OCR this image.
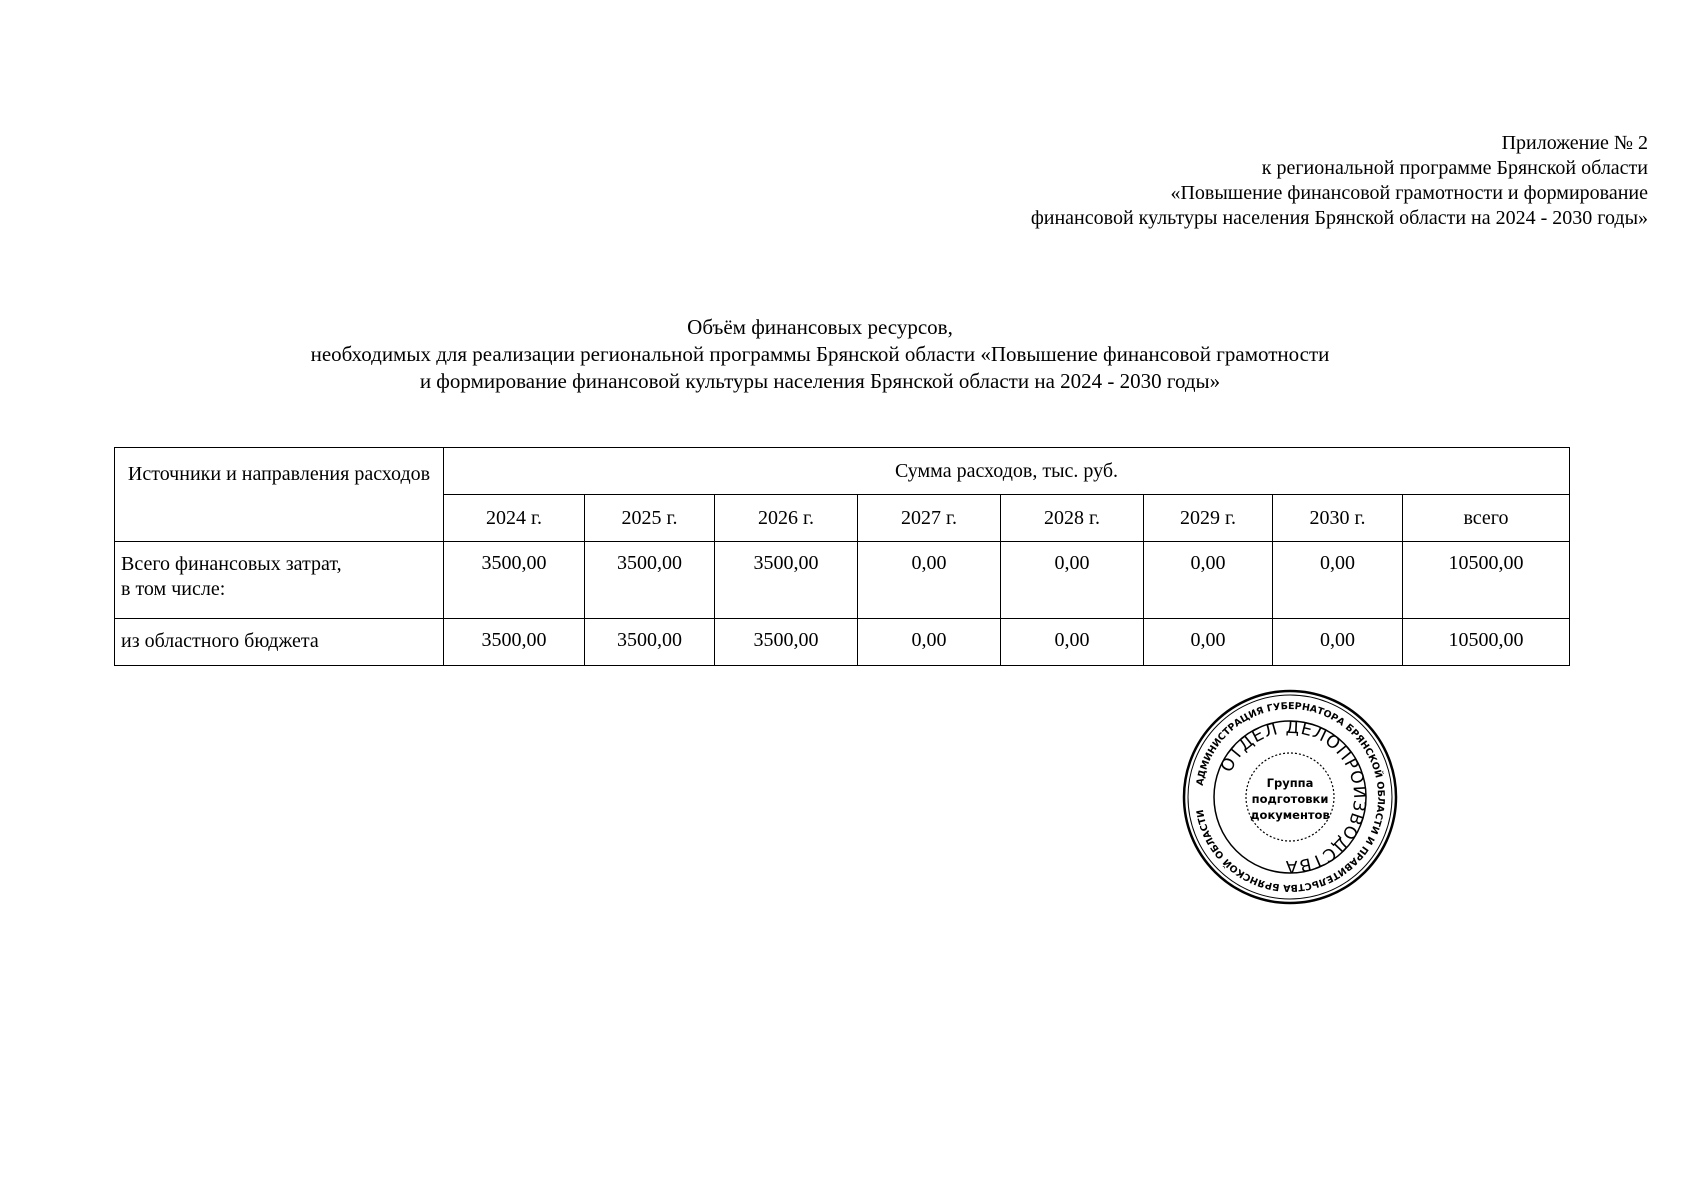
Приложение № 2
к региональной программе Брянской области
«Повышение финансовой грамотности и формирование
финансовой культуры населения Брянской области на 2024 - 2030 годы»
Объём финансовых ресурсов,
необходимых для реализации региональной программы Брянской области «Повышение финансовой грамотности
и формирование финансовой культуры населения Брянской области на 2024 - 2030 годы»
Источники и направления расходов	Сумма расходов, тыс. руб.							
	2024 г.	2025 г.	2026 г.	2027 г.	2028 г.	2029 г.	2030 г.	всего

Всего финансовых затрат,
в том числе:	3500,00	3500,00	3500,00	0,00	0,00	0,00	0,00	10500,00
из областного бюджета	3500,00	3500,00	3500,00	0,00	0,00	0,00	0,00	10500,00
АДМИНИСТРАЦИЯ ГУБЕРНАТОРА БРЯНСКОЙ ОБЛАСТИ И ПРАВИТЕЛЬСТВА БРЯНСКОЙ ОБЛАСТИ
ОТДЕЛ ДЕЛОПРОИЗВОДСТВА
Группа
подготовки
документов
